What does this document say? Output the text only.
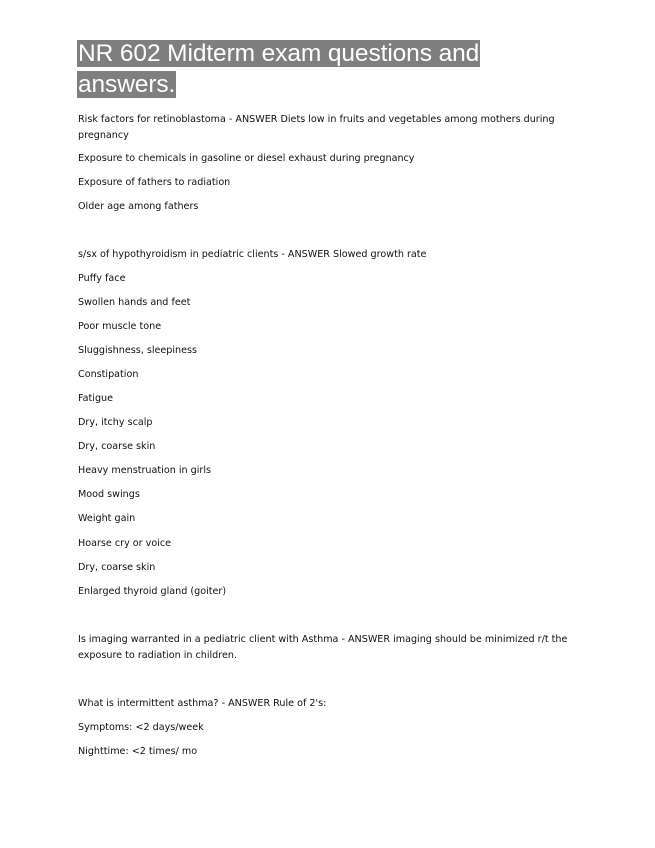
NR 602 Midterm exam questions and answers.
Risk factors for retinoblastoma - ANSWER Diets low in fruits and vegetables among mothers during pregnancy
Exposure to chemicals in gasoline or diesel exhaust during pregnancy
Exposure of fathers to radiation
Older age among fathers
s/sx of hypothyroidism in pediatric clients - ANSWER Slowed growth rate
Puffy face
Swollen hands and feet
Poor muscle tone
Sluggishness, sleepiness
Constipation
Fatigue
Dry, itchy scalp
Dry, coarse skin
Heavy menstruation in girls
Mood swings
Weight gain
Hoarse cry or voice
Dry, coarse skin
Enlarged thyroid gland (goiter)
Is imaging warranted in a pediatric client with Asthma - ANSWER imaging should be minimized r/t the exposure to radiation in children.
What is intermittent asthma? - ANSWER Rule of 2's:
Symptoms: <2 days/week
Nighttime: <2 times/ mo
